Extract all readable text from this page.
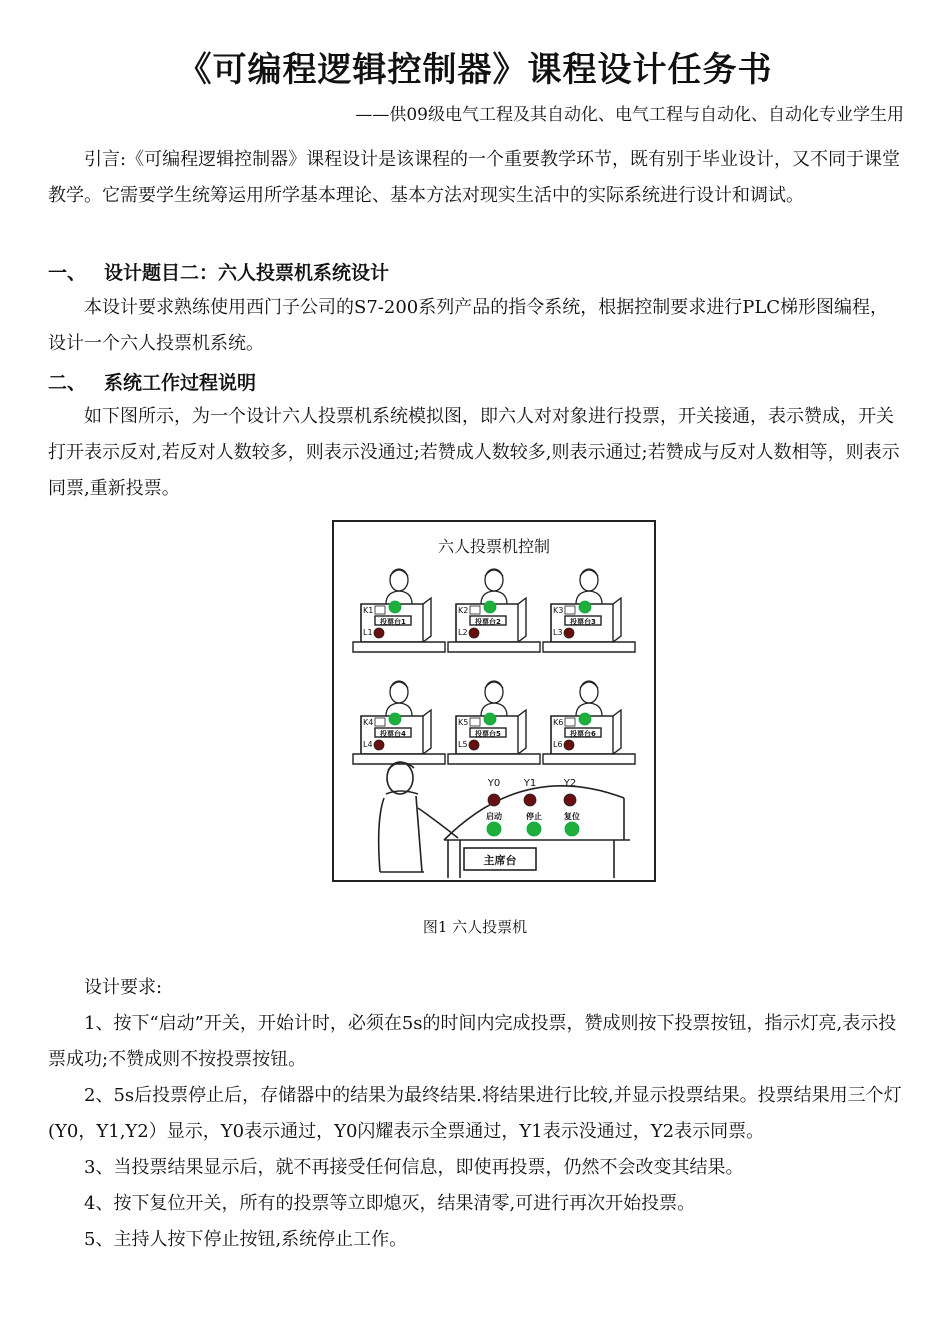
《可编程逻辑控制器》课程设计任务书
——供09级电气工程及其自动化、电气工程与自动化、自动化专业学生用
引言:《可编程逻辑控制器》课程设计是该课程的一个重要教学环节，既有别于毕业设计，又不同于课堂教学。它需要学生统筹运用所学基本理论、基本方法对现实生活中的实际系统进行设计和调试。
一、 设计题目二：六人投票机系统设计
本设计要求熟练使用西门子公司的S7-200系列产品的指令系统，根据控制要求进行PLC梯形图编程，设计一个六人投票机系统。
二、 系统工作过程说明
如下图所示，为一个设计六人投票机系统模拟图，即六人对对象进行投票，开关接通，表示赞成，开关打开表示反对,若反对人数较多，则表示没通过;若赞成人数较多,则表示通过;若赞成与反对人数相等，则表示同票,重新投票。
六人投票机控制
投票台1
K1
L1
投票台2
K2
L2
投票台3
K3
L3
投票台4
K4
L4
投票台5
K5
L5
投票台6
K6
L6
主席台
Y0 Y1	Y2
启动	停止	复位
图1 六人投票机

设计要求:

1、按下“启动”开关，开始计时，必须在5s的时间内完成投票，赞成则按下投票按钮，指示灯亮,表示投票成功;不赞成则不按投票按钮。

2、5s后投票停止后，存储器中的结果为最终结果.将结果进行比较,并显示投票结果。投票结果用三个灯(Y0，Y1,Y2）显示，Y0表示通过，Y0闪耀表示全票通过，Y1表示没通过，Y2表示同票。

3、当投票结果显示后，就不再接受任何信息，即使再投票，仍然不会改变其结果。

4、按下复位开关，所有的投票等立即熄灭，结果清零,可进行再次开始投票。

5、主持人按下停止按钮,系统停止工作。
